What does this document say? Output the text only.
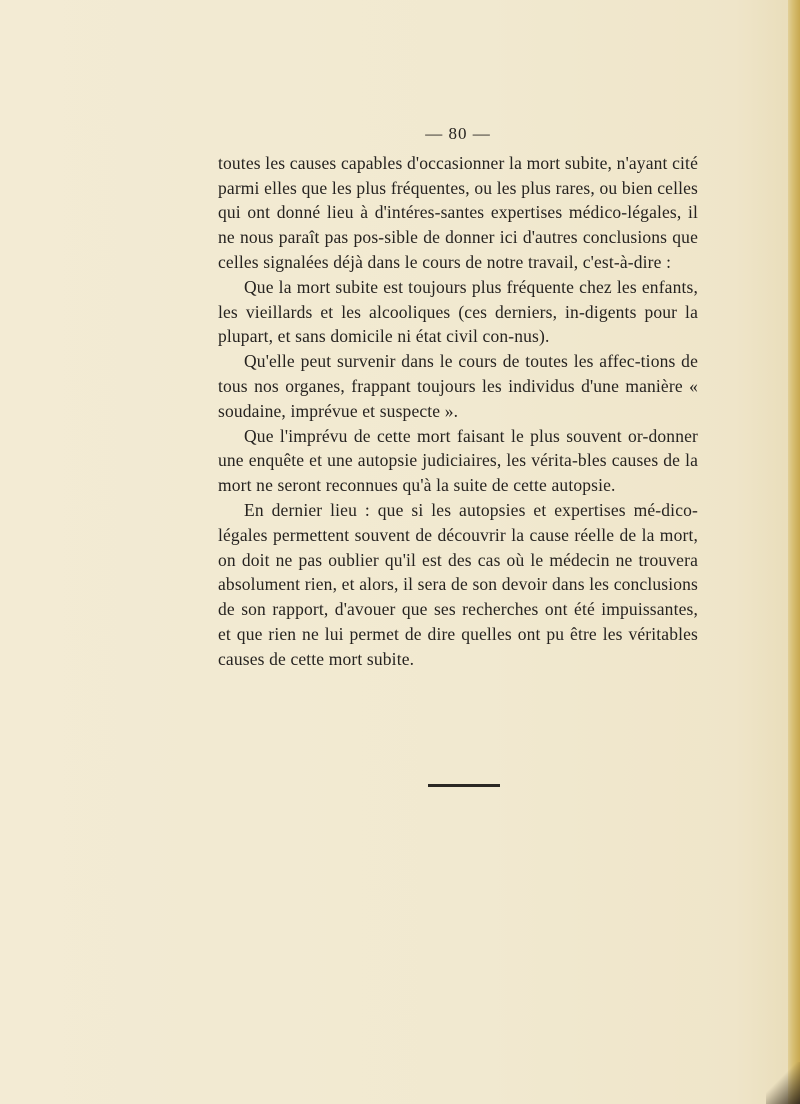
— 80 —

toutes les causes capables d'occasionner la mort subite, n'ayant cité parmi elles que les plus fréquentes, ou les plus rares, ou bien celles qui ont donné lieu à d'intéres-santes expertises médico-légales, il ne nous paraît pas pos-sible de donner ici d'autres conclusions que celles signalées déjà dans le cours de notre travail, c'est-à-dire :

Que la mort subite est toujours plus fréquente chez les enfants, les vieillards et les alcooliques (ces derniers, in-digents pour la plupart, et sans domicile ni état civil con-nus).

Qu'elle peut survenir dans le cours de toutes les affec-tions de tous nos organes, frappant toujours les individus d'une manière « soudaine, imprévue et suspecte ».

Que l'imprévu de cette mort faisant le plus souvent or-donner une enquête et une autopsie judiciaires, les vérita-bles causes de la mort ne seront reconnues qu'à la suite de cette autopsie.

En dernier lieu : que si les autopsies et expertises mé-dico-légales permettent souvent de découvrir la cause réelle de la mort, on doit ne pas oublier qu'il est des cas où le médecin ne trouvera absolument rien, et alors, il sera de son devoir dans les conclusions de son rapport, d'avouer que ses recherches ont été impuissantes, et que rien ne lui permet de dire quelles ont pu être les véritables causes de cette mort subite.
